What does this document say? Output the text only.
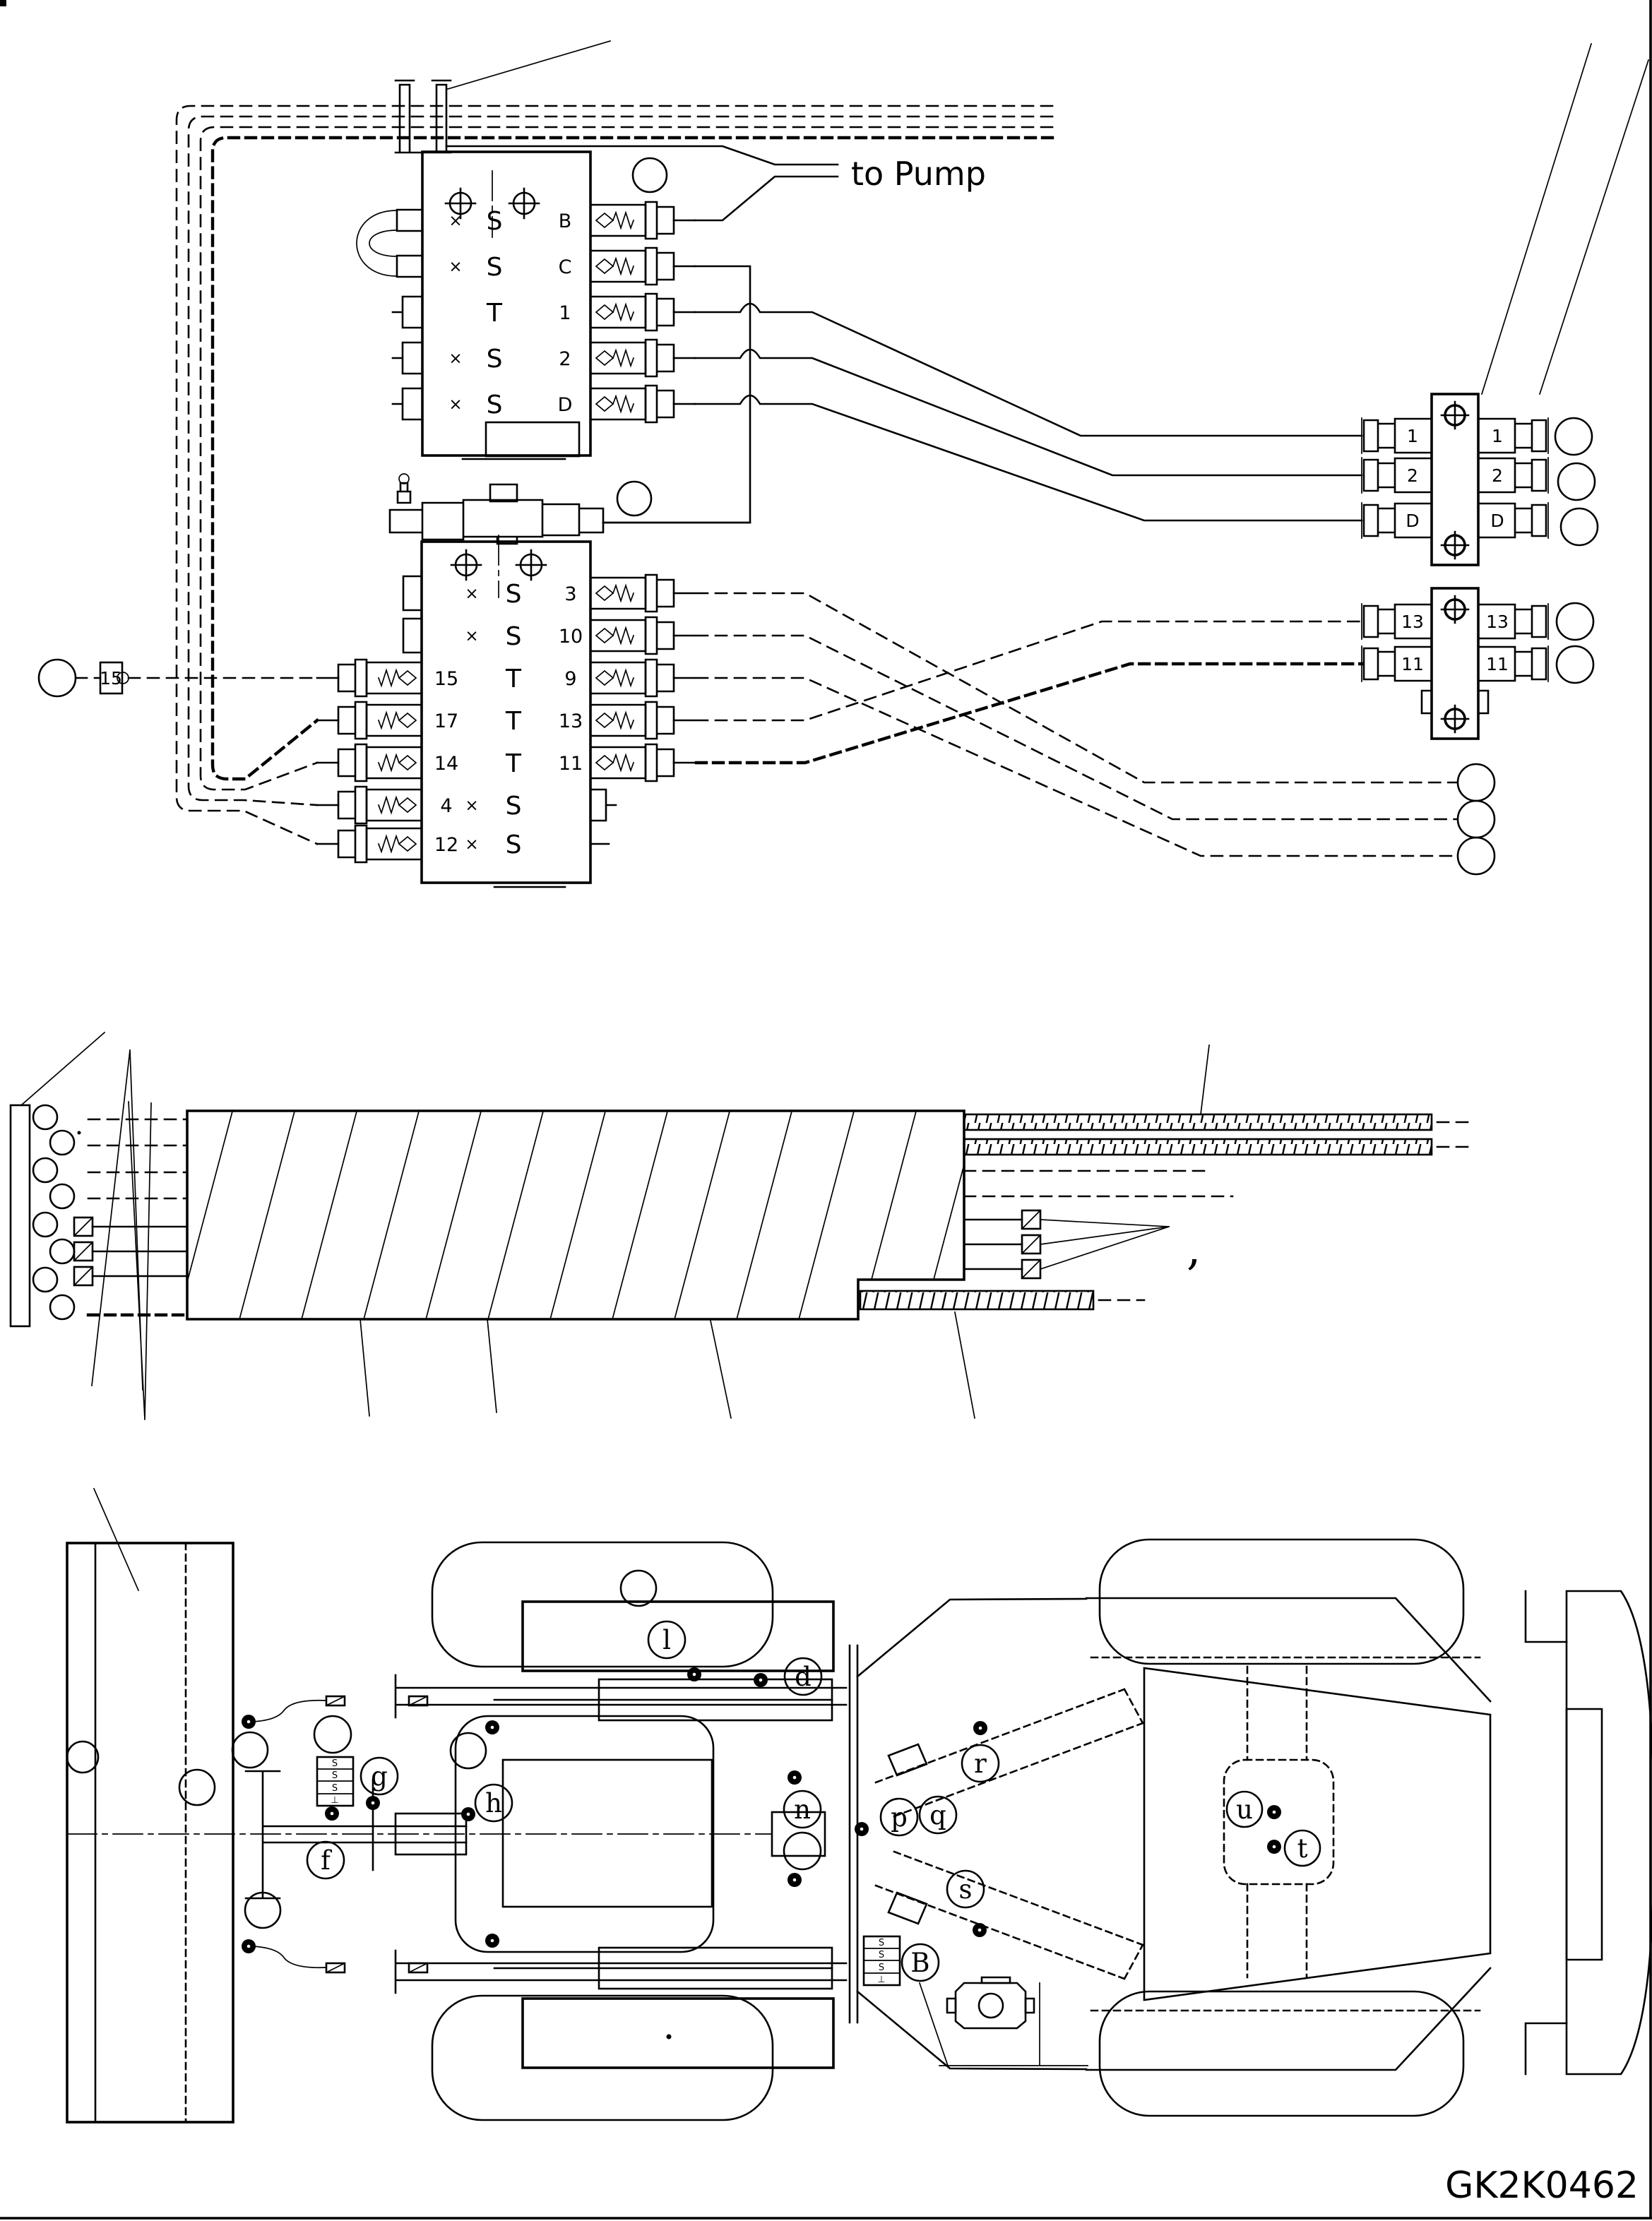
× S	B
× S	C
T	1
× S	2
× S	D
to Pump
× S 3
× S 10
15 T 9
17 T 13
14 T 11
4 × S
12 × S
15
1	1
2	2
D	D
13	13
11	11
,
S
S
S
⊥
S
S
S
⊥
l
d
g
f
h	n	p q
r
s
u
t
B
GK2K0462
